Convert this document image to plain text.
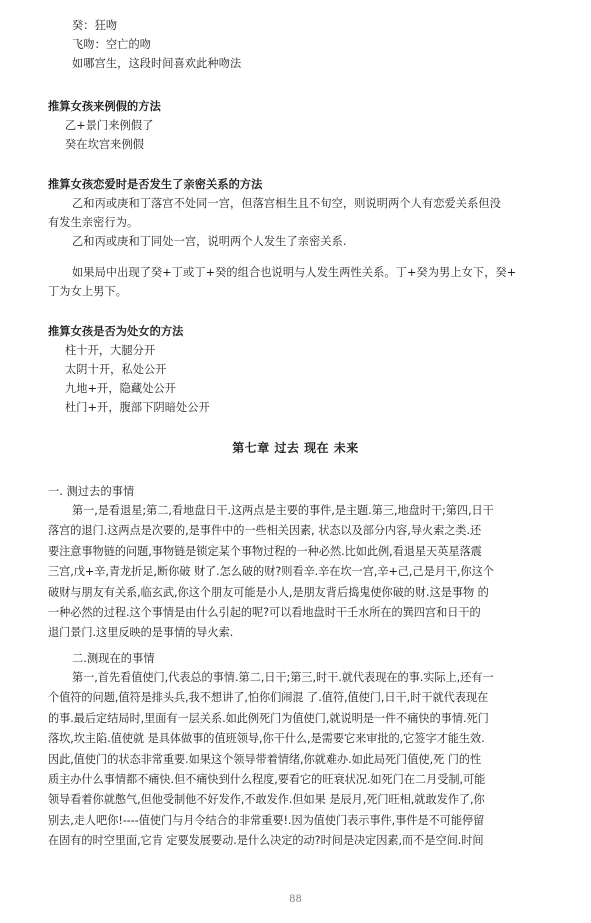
癸：狂吻

飞吻：空亡的吻

如哪宫生，这段时间喜欢此种吻法

推算女孩来例假的方法

乙+景门来例假了

癸在坎宫来例假

推算女孩恋爱时是否发生了亲密关系的方法

乙和丙或庚和丁落宫不处同一宫，但落宫相生且不旬空，则说明两个人有恋爱关系但没

有发生亲密行为。

乙和丙或庚和丁同处一宫，说明两个人发生了亲密关系.

如果局中出现了癸+丁或丁+癸的组合也说明与人发生两性关系。丁+癸为男上女下，癸+

丁为女上男下。

推算女孩是否为处女的方法

柱十开，大腿分开

太阴十开，私处公开

九地+开，隐藏处公开

杜门+开，腹部下阴暗处公开

第七章 过去 现在 未来

一. 测过去的事情

第一,是看退星;第二,看地盘日干.这两点是主要的事件,是主题.第三,地盘时干;第四,日干

落宫的退门.这两点是次要的,是事件中的一些相关因素, 状态以及部分内容,导火索之类.还

要注意事物链的问题,事物链是锁定某个事物过程的一种必然.比如此例,看退星天英星落震

三宫,戊+辛,青龙折足,断你破 财了.怎么破的财?则看辛.辛在坎一宫,辛+己,己是月干,你这个

破财与朋友有关系,临玄武,你这个朋友可能是小人,是朋友背后捣鬼使你破的财.这是事物 的

一种必然的过程.这个事情是由什么引起的呢?可以看地盘时干壬水所在的巽四宫和日干的

退门景门.这里反映的是事情的导火索.

二.测现在的事情

第一,首先看值使门,代表总的事情.第二,日干;第三,时干.就代表现在的事.实际上,还有一

个值符的问题,值符是排头兵,我不想讲了,怕你们闹混 了.值符,值使门,日干,时干就代表现在

的事.最后定结局时,里面有一层关系.如此例死门为值使门,就说明是一件不痛快的事情.死门

落坎,坎主陷.值使就 是具体做事的值班领导,你干什么,是需要它来审批的,它签字才能生效.

因此,值使门的状态非常重要.如果这个领导带着情绪,你就难办.如此局死门值使,死 门的性

质主办什么事情都不痛快.但不痛快到什么程度,要看它的旺衰状况.如死门在二月受制,可能

领导看着你就憋气,但他受制他不好发作,不敢发作.但如果 是辰月,死门旺相,就敢发作了,你

别去,走人吧你!----值使门与月令结合的非常重要!.因为值使门表示事件,事件是不可能停留

在固有的时空里面,它肯 定要发展要动.是什么决定的动?时间是决定因素,而不是空间.时间

88
